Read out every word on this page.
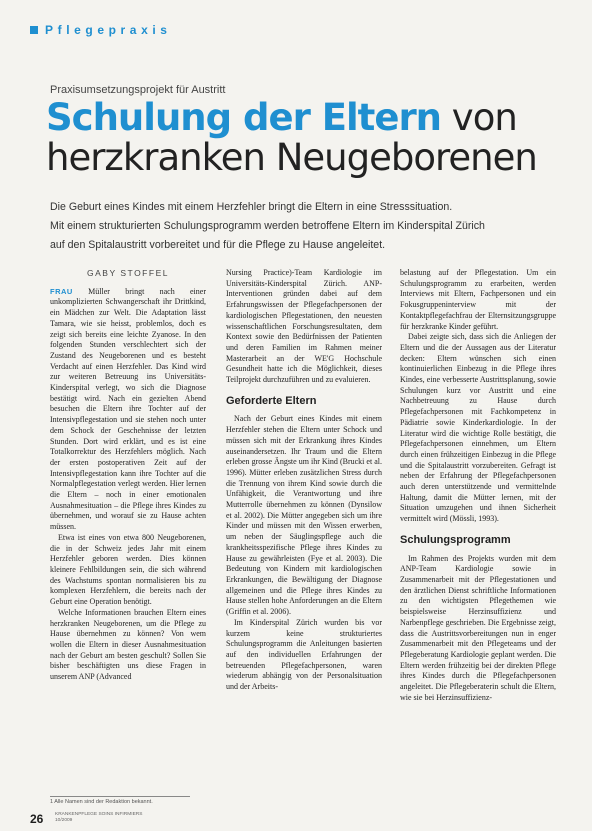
Pflegepraxis
Praxisumsetzungsprojekt für Austritt
Schulung der Eltern von
herzkranken Neugeborenen

Die Geburt eines Kindes mit einem Herzfehler bringt die Eltern in eine Stresssituation.

Mit einem strukturierten Schulungsprogramm werden betroffene Eltern im Kinderspital Zürich

auf den Spitalaustritt vorbereitet und für die Pflege zu Hause angeleitet.

GABY STOFFEL

FRAU Müller bringt nach einer unkomplizierten Schwangerschaft ihr Drittkind, ein Mädchen zur Welt. Die Adaptation lässt Tamara, wie sie heisst, problemlos, doch es zeigt sich bereits eine leichte Zyanose. In den folgenden Stunden verschlechtert sich der Zustand des Neugeborenen und es besteht Verdacht auf einen Herzfehler. Das Kind wird zur weiteren Betreuung ins Universitäts-Kinderspital verlegt, wo sich die Diagnose bestätigt wird. Nach ein gezielten Abend besuchen die Eltern ihre Tochter auf der Intensivpflegestation und sie stehen noch unter dem Schock der Geschehnisse der letzten Stunden. Dort wird erklärt, und es ist eine Totalkorrektur des Herzfehlers möglich. Nach der ersten postoperativen Zeit auf der Intensivpflegestation kann ihre Tochter auf die Normalpflegestation verlegt werden. Hier lernen die Eltern – noch in einer emotionalen Ausnahmesituation – die Pflege ihres Kindes zu übernehmen, und worauf sie zu Hause achten müssen.

Etwa ist eines von etwa 800 Neugeborenen, die in der Schweiz jedes Jahr mit einem Herzfehler geboren werden. Dies können kleinere Fehlbildungen sein, die sich während des Wachstums spontan normalisieren bis zu komplexen Herzfehlern, die bereits nach der Geburt eine Operation benötigt.

Welche Informationen brauchen Eltern eines herzkranken Neugeborenen, um die Pflege zu Hause übernehmen zu können? Von wem wollen die Eltern in dieser Ausnahmesituation nach der Geburt am besten geschult? Sollen Sie bisher beschäftigten uns diese Fragen in unserem ANP (Advanced

Nursing Practice)-Team Kardiologie im Universitäts-Kinderspital Zürich. ANP-Interventionen gründen dabei auf dem Erfahrungswissen der Pflegefachpersonen der kardiologischen Pflegestationen, den neuesten wissenschaftlichen Forschungsresultaten, dem Kontext sowie den Bedürfnissen der Patienten und deren Familien im Rahmen meiner Masterarbeit an der WE'G Hochschule Gesundheit hatte ich die Möglichkeit, dieses Teilprojekt durchzuführen und zu evaluieren.

Geforderte Eltern

Nach der Geburt eines Kindes mit einem Herzfehler stehen die Eltern unter Schock und müssen sich mit der Erkrankung ihres Kindes auseinandersetzen. Ihr Traum und die Eltern erleben grosse Ängste um ihr Kind (Brucki et al. 1996). Mütter erleben zusätzlichen Stress durch die Trennung von ihrem Kind sowie durch die Unfähigkeit, die Verantwortung und ihre Mutterrolle übernehmen zu können (Dynsilow et al. 2002). Die Mütter angegeben sich um ihre Kinder und müssen mit den Wissen erwerben, um neben der Säuglingspflege auch die krankheitsspezifische Pflege ihres Kindes zu Hause zu gewährleisten (Fye et al. 2003). Die Bedeutung von Kindern mit kardiologischen Erkrankungen, die Bewältigung der Diagnose allgemeinen und die Pflege ihres Kindes zu Hause stellen hohe Anforderungen an die Eltern (Griffin et al. 2006).

Im Kinderspital Zürich wurden bis vor kurzem keine strukturiertes Schulungsprogramm die Anleitungen basierten auf den individuellen Erfahrungen der betreuenden Pflegefachpersonen, waren wiederum abhängig von der Personalsituation und der Arbeits-

belastung auf der Pflegestation. Um ein Schulungsprogramm zu erarbeiten, werden Interviews mit Eltern, Fachpersonen und ein Fokusgruppeninterview mit der Kontaktpflegefachfrau der Elternsitzungsgruppe für herzkranke Kinder geführt.

Dabei zeigte sich, dass sich die Anliegen der Eltern und die der Aussagen aus der Literatur decken: Eltern wünschen sich einen kontinuierlichen Einbezug in die Pflege ihres Kindes, eine verbesserte Austrittsplanung, sowie Schulungen kurz vor Austritt und eine Nachbetreuung zu Hause durch Pflegefachpersonen mit Fachkompetenz in Pädiatrie sowie Kinderkardiologie. In der Literatur wird die wichtige Rolle bestätigt, die Pflegefachpersonen einnehmen, um Eltern durch einen frühzeitigen Einbezug in die Pflege und die Spitalaustritt vorzubereiten. Gefragt ist neben der Erfahrung der Pflegefachpersonen auch deren unterstützende und vermittelnde Haltung, damit die Mütter lernen, mit der Situation umzugehen und ihnen Sicherheit vermittelt wird (Mössli, 1993).

Schulungsprogramm

Im Rahmen des Projekts wurden mit dem ANP-Team Kardiologie sowie in Zusammenarbeit mit der Pflegestationen und den ärztlichen Dienst schriftliche Informationen zu den wichtigsten Pflegethemen wie beispielsweise Herzinsuffizienz und Narbenpflege geschrieben. Die Ergebnisse zeigt, dass die Austrittsvorbereitungen nun in enger Zusammenarbeit mit den Pflegeteams und der Pflegeberatung Kardiologie geplant werden. Die Eltern werden frühzeitig bei der direkten Pflege ihres Kindes durch die Pflegefachpersonen angeleitet. Die Pflegeberaterin schult die Eltern, wie sie bei Herzinsuffizienz-

1 Alle Namen sind der Redaktion bekannt.
26 KRANKENPFLEGE SOINS INFIRMIERS
10/2009
